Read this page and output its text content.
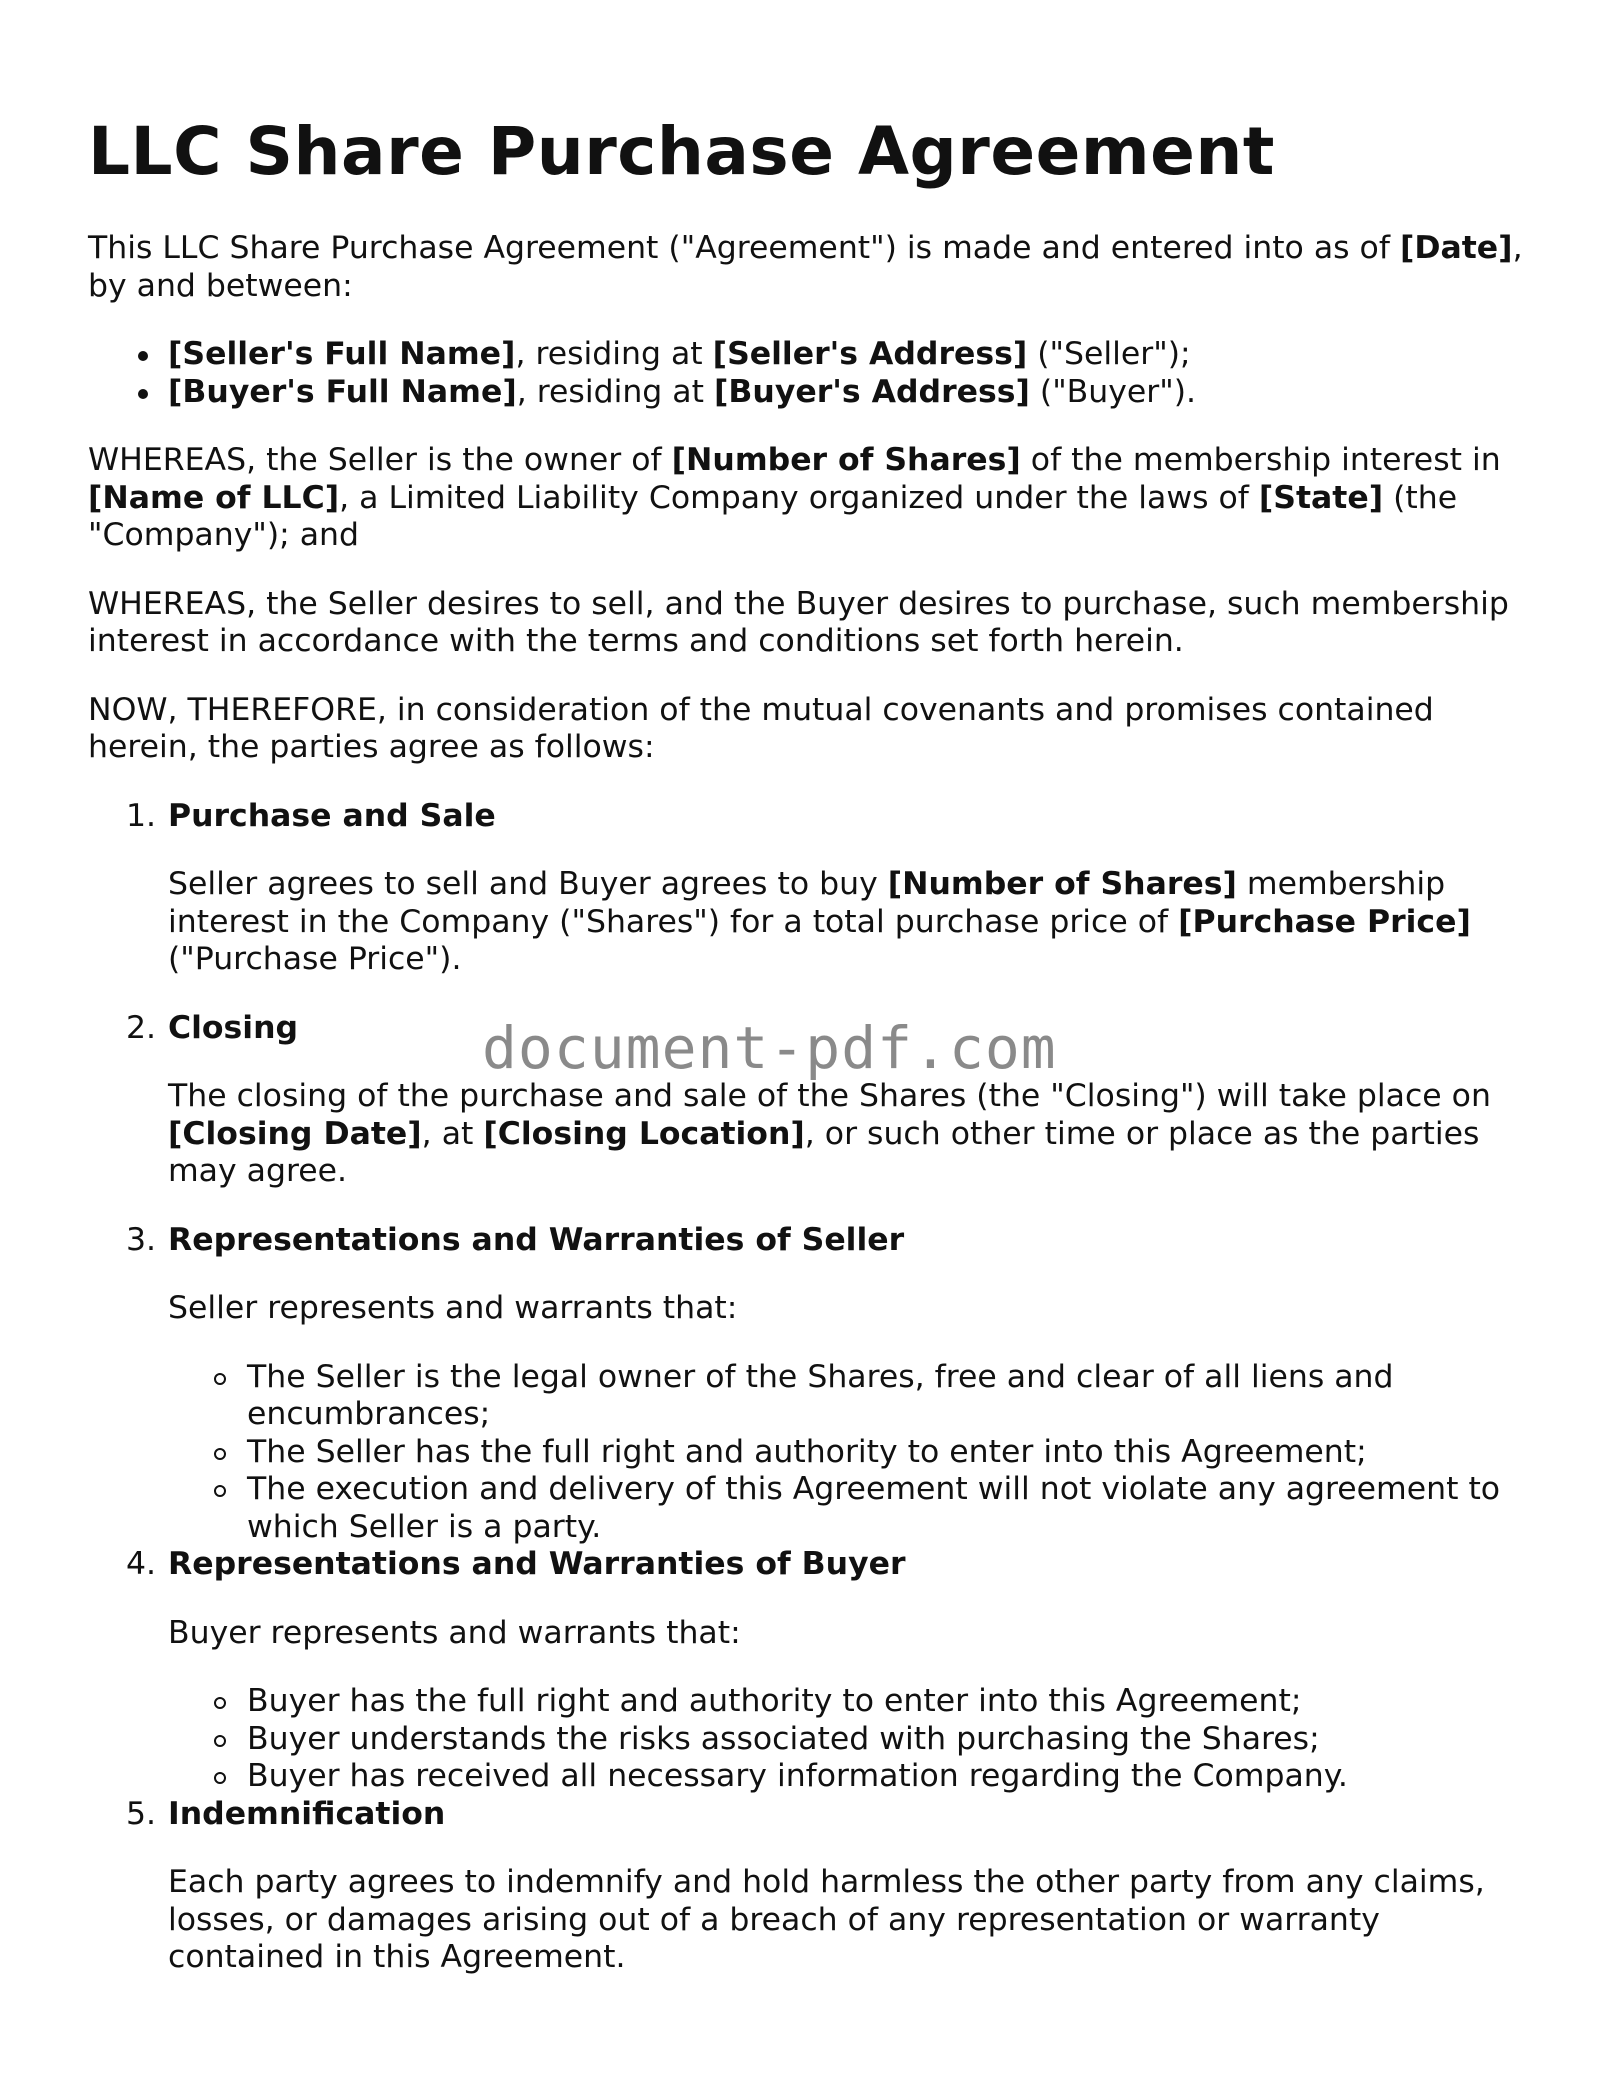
LLC Share Purchase Agreement

This LLC Share Purchase Agreement ("Agreement") is made and entered into as of [Date], by and between:

[Seller's Full Name], residing at [Seller's Address] ("Seller");
[Buyer's Full Name], residing at [Buyer's Address] ("Buyer").

WHEREAS, the Seller is the owner of [Number of Shares] of the membership interest in [Name of LLC], a Limited Liability Company organized under the laws of [State] (the "Company"); and

WHEREAS, the Seller desires to sell, and the Buyer desires to purchase, such membership interest in accordance with the terms and conditions set forth herein.

NOW, THEREFORE, in consideration of the mutual covenants and promises contained herein, the parties agree as follows:

1. Purchase and Sale

Seller agrees to sell and Buyer agrees to buy [Number of Shares] membership interest in the Company ("Shares") for a total purchase price of [Purchase Price] ("Purchase Price").

2. Closing

The closing of the purchase and sale of the Shares (the "Closing") will take place on [Closing Date], at [Closing Location], or such other time or place as the parties may agree.

3. Representations and Warranties of Seller

Seller represents and warrants that:

The Seller is the legal owner of the Shares, free and clear of all liens and encumbrances;
The Seller has the full right and authority to enter into this Agreement;
The execution and delivery of this Agreement will not violate any agreement to which Seller is a party.
4. Representations and Warranties of Buyer

Buyer represents and warrants that:

Buyer has the full right and authority to enter into this Agreement;
Buyer understands the risks associated with purchasing the Shares;
Buyer has received all necessary information regarding the Company.
5. Indemnification

Each party agrees to indemnify and hold harmless the other party from any claims, losses, or damages arising out of a breach of any representation or warranty contained in this Agreement.

document-pdf.com
